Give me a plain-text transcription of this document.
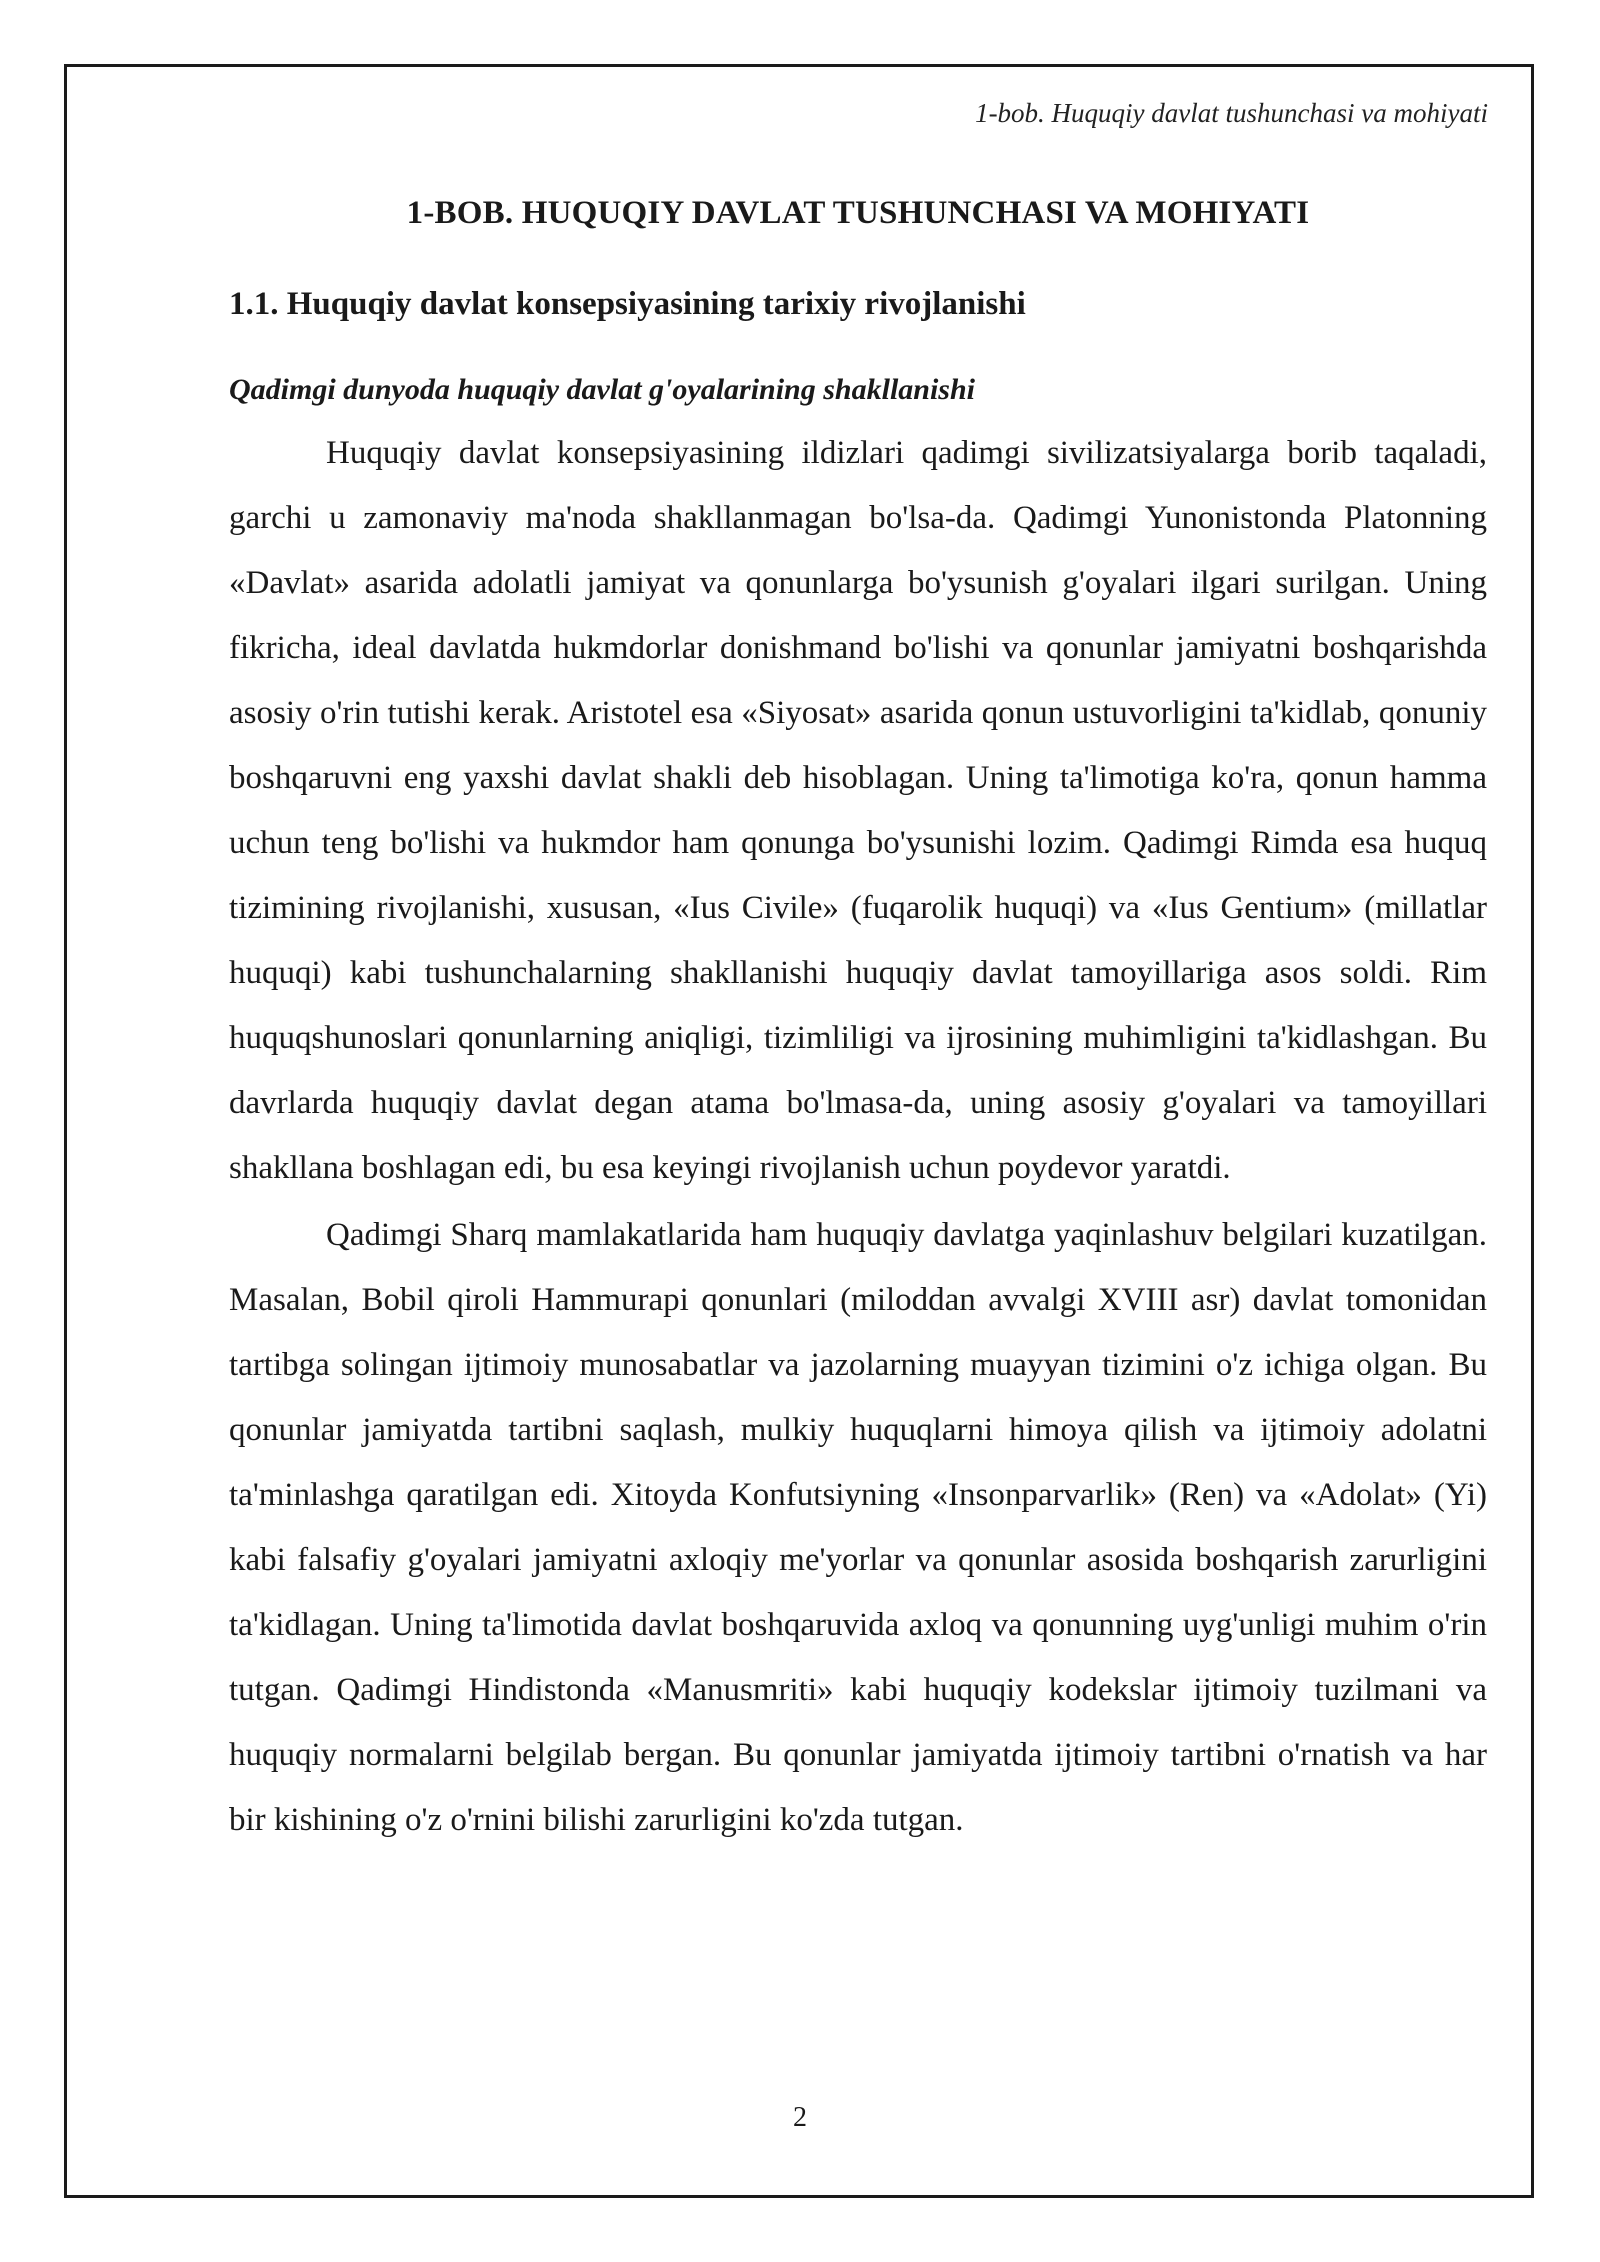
1-bob. Huquqiy davlat tushunchasi va mohiyati
1-BOB. HUQUQIY DAVLAT TUSHUNCHASI VA MOHIYATI
1.1. Huquqiy davlat konsepsiyasining tarixiy rivojlanishi
Qadimgi dunyoda huquqiy davlat g'oyalarining shakllanishi

Huquqiy davlat konsepsiyasining ildizlari qadimgi sivilizatsiyalarga borib taqaladi, garchi u zamonaviy ma'noda shakllanmagan bo'lsa-da. Qadimgi Yunonistonda Platonning «Davlat» asarida adolatli jamiyat va qonunlarga bo'ysunish g'oyalari ilgari surilgan. Uning fikricha, ideal davlatda hukmdorlar donishmand bo'lishi va qonunlar jamiyatni boshqarishda asosiy o'rin tutishi kerak. Aristotel esa «Siyosat» asarida qonun ustuvorligini ta'kidlab, qonuniy boshqaruvni eng yaxshi davlat shakli deb hisoblagan. Uning ta'limotiga ko'ra, qonun hamma uchun teng bo'lishi va hukmdor ham qonunga bo'ysunishi lozim. Qadimgi Rimda esa huquq tizimining rivojlanishi, xususan, «Ius Civile» (fuqarolik huquqi) va «Ius Gentium» (millatlar huquqi) kabi tushunchalarning shakllanishi huquqiy davlat tamoyillariga asos soldi. Rim huquqshunoslari qonunlarning aniqligi, tizimliligi va ijrosining muhimligini ta'kidlashgan. Bu davrlarda huquqiy davlat degan atama bo'lmasa-da, uning asosiy g'oyalari va tamoyillari shakllana boshlagan edi, bu esa keyingi rivojlanish uchun poydevor yaratdi.

Qadimgi Sharq mamlakatlarida ham huquqiy davlatga yaqinlashuv belgilari kuzatilgan. Masalan, Bobil qiroli Hammurapi qonunlari (miloddan avvalgi XVIII asr) davlat tomonidan tartibga solingan ijtimoiy munosabatlar va jazolarning muayyan tizimini o'z ichiga olgan. Bu qonunlar jamiyatda tartibni saqlash, mulkiy huquqlarni himoya qilish va ijtimoiy adolatni ta'minlashga qaratilgan edi. Xitoyda Konfutsiyning «Insonparvarlik» (Ren) va «Adolat» (Yi) kabi falsafiy g'oyalari jamiyatni axloqiy me'yorlar va qonunlar asosida boshqarish zarurligini ta'kidlagan. Uning ta'limotida davlat boshqaruvida axloq va qonunning uyg'unligi muhim o'rin tutgan. Qadimgi Hindistonda «Manusmriti» kabi huquqiy kodekslar ijtimoiy tuzilmani va huquqiy normalarni belgilab bergan. Bu qonunlar jamiyatda ijtimoiy tartibni o'rnatish va har bir kishining o'z o'rnini bilishi zarurligini ko'zda tutgan.

2
